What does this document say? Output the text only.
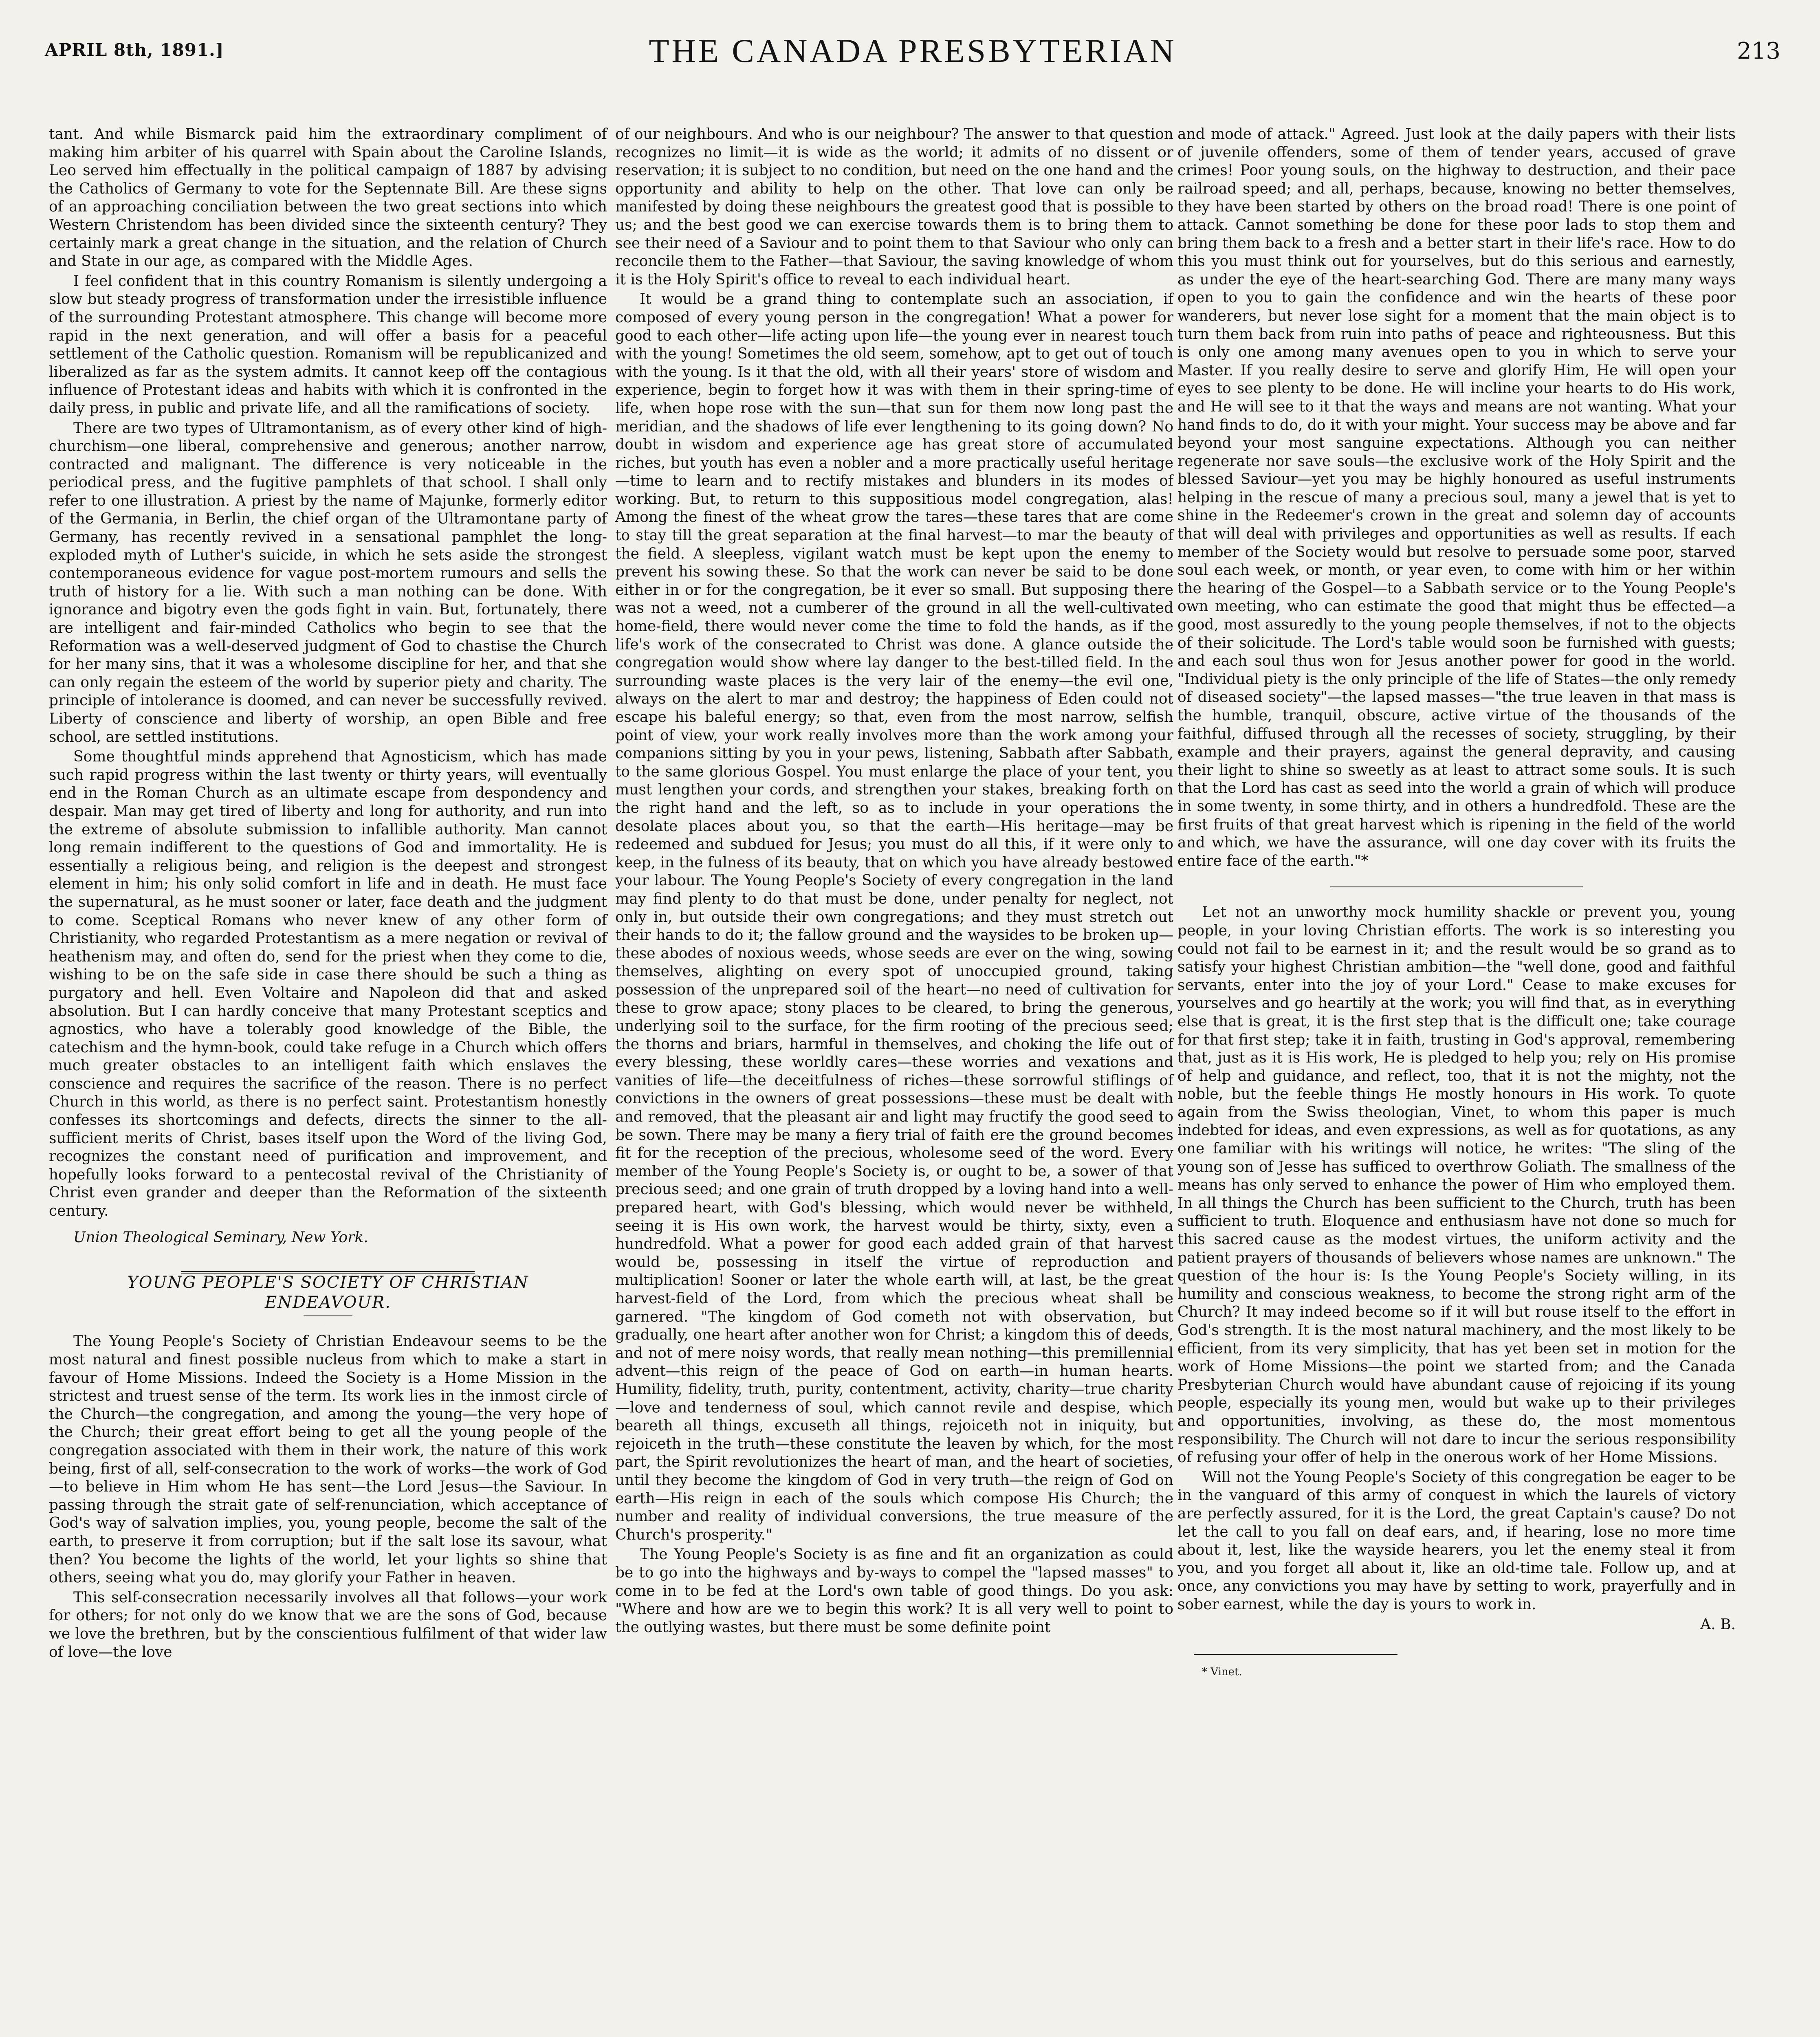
APRIL 8th, 1891.]	THE CANADA PRESBYTERIAN	213

tant. And while Bismarck paid him the extraordinary compliment of making him arbiter of his quarrel with Spain about the Caroline Islands, Leo served him effectually in the political campaign of 1887 by advising the Catholics of Germany to vote for the Septennate Bill. Are these signs of an approaching conciliation between the two great sections into which Western Christendom has been divided since the sixteenth century? They certainly mark a great change in the situation, and the relation of Church and State in our age, as compared with the Middle Ages.

I feel confident that in this country Romanism is silently undergoing a slow but steady progress of transformation under the irresistible influence of the surrounding Protestant atmosphere. This change will become more rapid in the next generation, and will offer a basis for a peaceful settlement of the Catholic question. Romanism will be republicanized and liberalized as far as the system admits. It cannot keep off the contagious influence of Protestant ideas and habits with which it is confronted in the daily press, in public and private life, and all the ramifications of society.

There are two types of Ultramontanism, as of every other kind of high-churchism—one liberal, comprehensive and generous; another narrow, contracted and malignant. The difference is very noticeable in the periodical press, and the fugitive pamphlets of that school. I shall only refer to one illustration. A priest by the name of Majunke, formerly editor of the Germania, in Berlin, the chief organ of the Ultramontane party of Germany, has recently revived in a sensational pamphlet the long-exploded myth of Luther's suicide, in which he sets aside the strongest contemporaneous evidence for vague post-mortem rumours and sells the truth of history for a lie. With such a man nothing can be done. With ignorance and bigotry even the gods fight in vain. But, fortunately, there are intelligent and fair-minded Catholics who begin to see that the Reformation was a well-deserved judgment of God to chastise the Church for her many sins, that it was a wholesome discipline for her, and that she can only regain the esteem of the world by superior piety and charity. The principle of intolerance is doomed, and can never be successfully revived. Liberty of conscience and liberty of worship, an open Bible and free school, are settled institutions.

Some thoughtful minds apprehend that Agnosticism, which has made such rapid progress within the last twenty or thirty years, will eventually end in the Roman Church as an ultimate escape from despondency and despair. Man may get tired of liberty and long for authority, and run into the extreme of absolute submission to infallible authority. Man cannot long remain indifferent to the questions of God and immortality. He is essentially a religious being, and religion is the deepest and strongest element in him; his only solid comfort in life and in death. He must face the supernatural, as he must sooner or later, face death and the judgment to come. Sceptical Romans who never knew of any other form of Christianity, who regarded Protestantism as a mere negation or revival of heathenism may, and often do, send for the priest when they come to die, wishing to be on the safe side in case there should be such a thing as purgatory and hell. Even Voltaire and Napoleon did that and asked absolution. But I can hardly conceive that many Protestant sceptics and agnostics, who have a tolerably good knowledge of the Bible, the catechism and the hymn-book, could take refuge in a Church which offers much greater obstacles to an intelligent faith which enslaves the conscience and requires the sacrifice of the reason. There is no perfect Church in this world, as there is no perfect saint. Protestantism honestly confesses its shortcomings and defects, directs the sinner to the all-sufficient merits of Christ, bases itself upon the Word of the living God, recognizes the constant need of purification and improvement, and hopefully looks forward to a pentecostal revival of the Christianity of Christ even grander and deeper than the Reformation of the sixteenth century.

Union Theological Seminary, New York.

YOUNG PEOPLE'S SOCIETY OF CHRISTIAN

ENDEAVOUR.

The Young People's Society of Christian Endeavour seems to be the most natural and finest possible nucleus from which to make a start in favour of Home Missions. Indeed the Society is a Home Mission in the strictest and truest sense of the term. Its work lies in the inmost circle of the Church—the congregation, and among the young—the very hope of the Church; their great effort being to get all the young people of the congregation associated with them in their work, the nature of this work being, first of all, self-consecration to the work of works—the work of God—to believe in Him whom He has sent—the Lord Jesus—the Saviour. In passing through the strait gate of self-renunciation, which acceptance of God's way of salvation implies, you, young people, become the salt of the earth, to preserve it from corruption; but if the salt lose its savour, what then? You become the lights of the world, let your lights so shine that others, seeing what you do, may glorify your Father in heaven.

This self-consecration necessarily involves all that follows—your work for others; for not only do we know that we are the sons of God, because we love the brethren, but by the conscientious fulfilment of that wider law of love—the love

of our neighbours. And who is our neighbour? The answer to that question recognizes no limit—it is wide as the world; it admits of no dissent or reservation; it is subject to no condition, but need on the one hand and the opportunity and ability to help on the other. That love can only be manifested by doing these neighbours the greatest good that is possible to us; and the best good we can exercise towards them is to bring them to see their need of a Saviour and to point them to that Saviour who only can reconcile them to the Father—that Saviour, the saving knowledge of whom it is the Holy Spirit's office to reveal to each individual heart.

It would be a grand thing to contemplate such an association, if composed of every young person in the congregation! What a power for good to each other—life acting upon life—the young ever in nearest touch with the young! Sometimes the old seem, somehow, apt to get out of touch with the young. Is it that the old, with all their years' store of wisdom and experience, begin to forget how it was with them in their spring-time of life, when hope rose with the sun—that sun for them now long past the meridian, and the shadows of life ever lengthening to its going down? No doubt in wisdom and experience age has great store of accumulated riches, but youth has even a nobler and a more practically useful heritage—time to learn and to rectify mistakes and blunders in its modes of working. But, to return to this suppositious model congregation, alas! Among the finest of the wheat grow the tares—these tares that are come to stay till the great separation at the final harvest—to mar the beauty of the field. A sleepless, vigilant watch must be kept upon the enemy to prevent his sowing these. So that the work can never be said to be done either in or for the congregation, be it ever so small. But supposing there was not a weed, not a cumberer of the ground in all the well-cultivated home-field, there would never come the time to fold the hands, as if the life's work of the consecrated to Christ was done. A glance outside the congregation would show where lay danger to the best-tilled field. In the surrounding waste places is the very lair of the enemy—the evil one, always on the alert to mar and destroy; the happiness of Eden could not escape his baleful energy; so that, even from the most narrow, selfish point of view, your work really involves more than the work among your companions sitting by you in your pews, listening, Sabbath after Sabbath, to the same glorious Gospel. You must enlarge the place of your tent, you must lengthen your cords, and strengthen your stakes, breaking forth on the right hand and the left, so as to include in your operations the desolate places about you, so that the earth—His heritage—may be redeemed and subdued for Jesus; you must do all this, if it were only to keep, in the fulness of its beauty, that on which you have already bestowed your labour. The Young People's Society of every congregation in the land may find plenty to do that must be done, under penalty for neglect, not only in, but outside their own congregations; and they must stretch out their hands to do it; the fallow ground and the waysides to be broken up—these abodes of noxious weeds, whose seeds are ever on the wing, sowing themselves, alighting on every spot of unoccupied ground, taking possession of the unprepared soil of the heart—no need of cultivation for these to grow apace; stony places to be cleared, to bring the generous, underlying soil to the surface, for the firm rooting of the precious seed; the thorns and briars, harmful in themselves, and choking the life out of every blessing, these worldly cares—these worries and vexations and vanities of life—the deceitfulness of riches—these sorrowful stiflings of convictions in the owners of great possessions—these must be dealt with and removed, that the pleasant air and light may fructify the good seed to be sown. There may be many a fiery trial of faith ere the ground becomes fit for the reception of the precious, wholesome seed of the word. Every member of the Young People's Society is, or ought to be, a sower of that precious seed; and one grain of truth dropped by a loving hand into a well-prepared heart, with God's blessing, which would never be withheld, seeing it is His own work, the harvest would be thirty, sixty, even a hundredfold. What a power for good each added grain of that harvest would be, possessing in itself the virtue of reproduction and multiplication! Sooner or later the whole earth will, at last, be the great harvest-field of the Lord, from which the precious wheat shall be garnered. "The kingdom of God cometh not with observation, but gradually, one heart after another won for Christ; a kingdom this of deeds, and not of mere noisy words, that really mean nothing—this premillennial advent—this reign of the peace of God on earth—in human hearts. Humility, fidelity, truth, purity, contentment, activity, charity—true charity—love and tenderness of soul, which cannot revile and despise, which beareth all things, excuseth all things, rejoiceth not in iniquity, but rejoiceth in the truth—these constitute the leaven by which, for the most part, the Spirit revolutionizes the heart of man, and the heart of societies, until they become the kingdom of God in very truth—the reign of God on earth—His reign in each of the souls which compose His Church; the number and reality of individual conversions, the true measure of the Church's prosperity."

The Young People's Society is as fine and fit an organization as could be to go into the highways and by-ways to compel the "lapsed masses" to come in to be fed at the Lord's own table of good things. Do you ask: "Where and how are we to begin this work? It is all very well to point to the outlying wastes, but there must be some definite point

and mode of attack." Agreed. Just look at the daily papers with their lists of juvenile offenders, some of them of tender years, accused of grave crimes! Poor young souls, on the highway to destruction, and their pace railroad speed; and all, perhaps, because, knowing no better themselves, they have been started by others on the broad road! There is one point of attack. Cannot something be done for these poor lads to stop them and bring them back to a fresh and a better start in their life's race. How to do this you must think out for yourselves, but do this serious and earnestly, as under the eye of the heart-searching God. There are many many ways open to you to gain the confidence and win the hearts of these poor wanderers, but never lose sight for a moment that the main object is to turn them back from ruin into paths of peace and righteousness. But this is only one among many avenues open to you in which to serve your Master. If you really desire to serve and glorify Him, He will open your eyes to see plenty to be done. He will incline your hearts to do His work, and He will see to it that the ways and means are not wanting. What your hand finds to do, do it with your might. Your success may be above and far beyond your most sanguine expectations. Although you can neither regenerate nor save souls—the exclusive work of the Holy Spirit and the blessed Saviour—yet you may be highly honoured as useful instruments helping in the rescue of many a precious soul, many a jewel that is yet to shine in the Redeemer's crown in the great and solemn day of accounts that will deal with privileges and opportunities as well as results. If each member of the Society would but resolve to persuade some poor, starved soul each week, or month, or year even, to come with him or her within the hearing of the Gospel—to a Sabbath service or to the Young People's own meeting, who can estimate the good that might thus be effected—a good, most assuredly to the young people themselves, if not to the objects of their solicitude. The Lord's table would soon be furnished with guests; and each soul thus won for Jesus another power for good in the world. "Individual piety is the only principle of the life of States—the only remedy of diseased society"—the lapsed masses—"the true leaven in that mass is the humble, tranquil, obscure, active virtue of the thousands of the faithful, diffused through all the recesses of society, struggling, by their example and their prayers, against the general depravity, and causing their light to shine so sweetly as at least to attract some souls. It is such that the Lord has cast as seed into the world a grain of which will produce in some twenty, in some thirty, and in others a hundredfold. These are the first fruits of that great harvest which is ripening in the field of the world and which, we have the assurance, will one day cover with its fruits the entire face of the earth."*

Let not an unworthy mock humility shackle or prevent you, young people, in your loving Christian efforts. The work is so interesting you could not fail to be earnest in it; and the result would be so grand as to satisfy your highest Christian ambition—the "well done, good and faithful servants, enter into the joy of your Lord." Cease to make excuses for yourselves and go heartily at the work; you will find that, as in everything else that is great, it is the first step that is the difficult one; take courage for that first step; take it in faith, trusting in God's approval, remembering that, just as it is His work, He is pledged to help you; rely on His promise of help and guidance, and reflect, too, that it is not the mighty, not the noble, but the feeble things He mostly honours in His work. To quote again from the Swiss theologian, Vinet, to whom this paper is much indebted for ideas, and even expressions, as well as for quotations, as any one familiar with his writings will notice, he writes: "The sling of the young son of Jesse has sufficed to overthrow Goliath. The smallness of the means has only served to enhance the power of Him who employed them. In all things the Church has been sufficient to the Church, truth has been sufficient to truth. Eloquence and enthusiasm have not done so much for this sacred cause as the modest virtues, the uniform activity and the patient prayers of thousands of believers whose names are unknown." The question of the hour is: Is the Young People's Society willing, in its humility and conscious weakness, to become the strong right arm of the Church? It may indeed become so if it will but rouse itself to the effort in God's strength. It is the most natural machinery, and the most likely to be efficient, from its very simplicity, that has yet been set in motion for the work of Home Missions—the point we started from; and the Canada Presbyterian Church would have abundant cause of rejoicing if its young people, especially its young men, would but wake up to their privileges and opportunities, involving, as these do, the most momentous responsibility. The Church will not dare to incur the serious responsibility of refusing your offer of help in the onerous work of her Home Missions.

Will not the Young People's Society of this congregation be eager to be in the vanguard of this army of conquest in which the laurels of victory are perfectly assured, for it is the Lord, the great Captain's cause? Do not let the call to you fall on deaf ears, and, if hearing, lose no more time about it, lest, like the wayside hearers, you let the enemy steal it from you, and you forget all about it, like an old-time tale. Follow up, and at once, any convictions you may have by setting to work, prayerfully and in sober earnest, while the day is yours to work in.

A. B.

* Vinet.
